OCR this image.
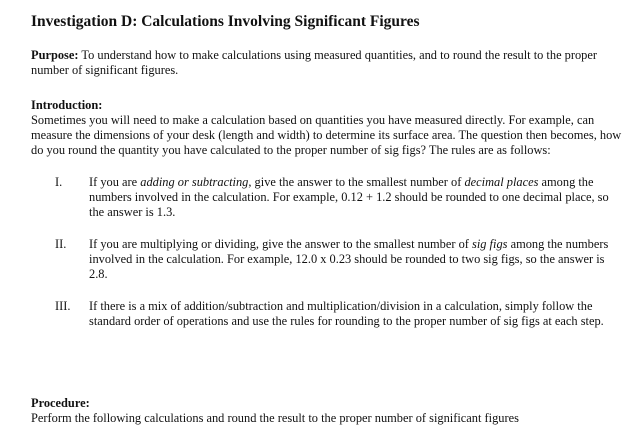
Investigation D: Calculations Involving Significant Figures

Purpose: To understand how to make calculations using measured quantities, and to round the result to the proper number of significant figures.

Introduction:

Sometimes you will need to make a calculation based on quantities you have measured directly. For example, can measure the dimensions of your desk (length and width) to determine its surface area. The question then becomes, how do you round the quantity you have calculated to the proper number of sig figs? The rules are as follows:

I. If you are adding or subtracting, give the answer to the smallest number of decimal places among the numbers involved in the calculation. For example, 0.12 + 1.2 should be rounded to one decimal place, so the answer is 1.3.
II. If you are multiplying or dividing, give the answer to the smallest number of sig figs among the numbers involved in the calculation. For example, 12.0 x 0.23 should be rounded to two sig figs, so the answer is 2.8.
III. If there is a mix of addition/subtraction and multiplication/division in a calculation, simply follow the standard order of operations and use the rules for rounding to the proper number of sig figs at each step.

Procedure:

Perform the following calculations and round the result to the proper number of significant figures
